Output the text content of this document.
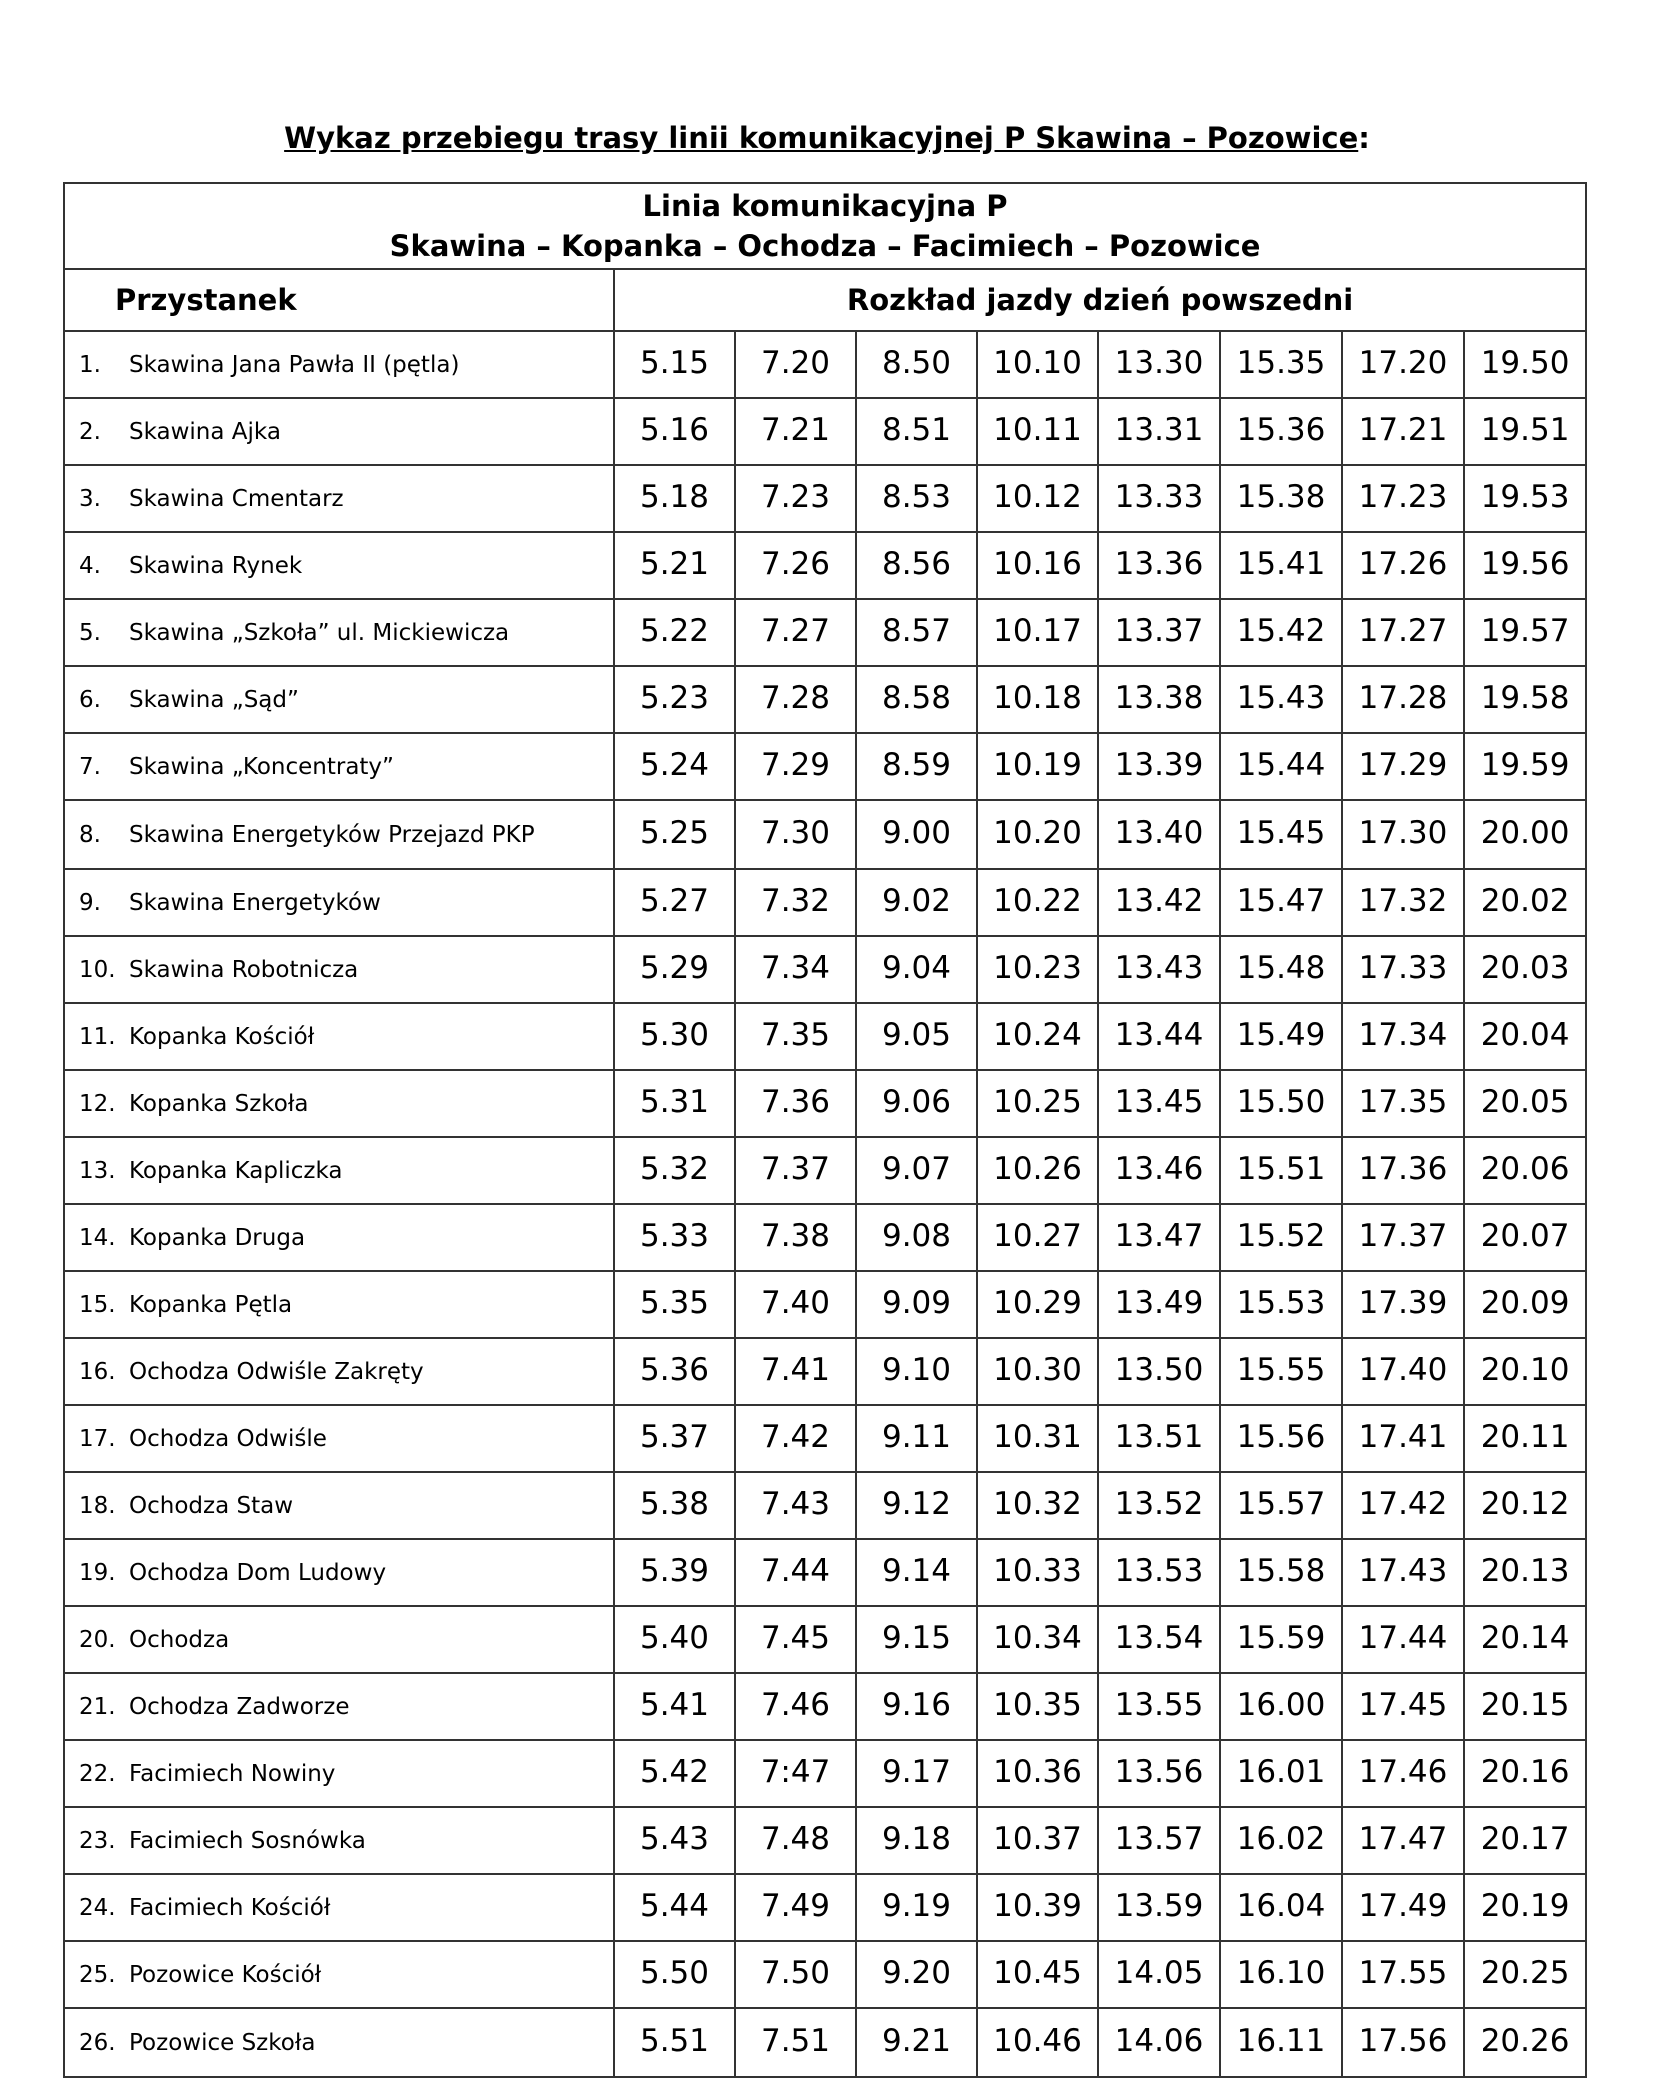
Wykaz przebiegu trasy linii komunikacyjnej P Skawina – Pozowice:
Linia komunikacyjna P
Skawina – Kopanka – Ochodza – Facimiech – Pozowice								

Przystanek	Rozkład jazdy dzień powszedni							
1. Skawina Jana Pawła II (pętla)	5.15	7.20	8.50	10.10	13.30	15.35	17.20	19.50
2. Skawina Ajka	5.16	7.21	8.51	10.11	13.31	15.36	17.21	19.51
3. Skawina Cmentarz	5.18	7.23	8.53	10.12	13.33	15.38	17.23	19.53
4. Skawina Rynek	5.21	7.26	8.56	10.16	13.36	15.41	17.26	19.56
5. Skawina „Szkoła” ul. Mickiewicza	5.22	7.27	8.57	10.17	13.37	15.42	17.27	19.57
6. Skawina „Sąd”	5.23	7.28	8.58	10.18	13.38	15.43	17.28	19.58
7. Skawina „Koncentraty”	5.24	7.29	8.59	10.19	13.39	15.44	17.29	19.59
8. Skawina Energetyków Przejazd PKP	5.25	7.30	9.00	10.20	13.40	15.45	17.30	20.00
9. Skawina Energetyków	5.27	7.32	9.02	10.22	13.42	15.47	17.32	20.02
10. Skawina Robotnicza	5.29	7.34	9.04	10.23	13.43	15.48	17.33	20.03
11. Kopanka Kościół	5.30	7.35	9.05	10.24	13.44	15.49	17.34	20.04
12. Kopanka Szkoła	5.31	7.36	9.06	10.25	13.45	15.50	17.35	20.05
13. Kopanka Kapliczka	5.32	7.37	9.07	10.26	13.46	15.51	17.36	20.06
14. Kopanka Druga	5.33	7.38	9.08	10.27	13.47	15.52	17.37	20.07
15. Kopanka Pętla	5.35	7.40	9.09	10.29	13.49	15.53	17.39	20.09
16. Ochodza Odwiśle Zakręty	5.36	7.41	9.10	10.30	13.50	15.55	17.40	20.10
17. Ochodza Odwiśle	5.37	7.42	9.11	10.31	13.51	15.56	17.41	20.11
18. Ochodza Staw	5.38	7.43	9.12	10.32	13.52	15.57	17.42	20.12
19. Ochodza Dom Ludowy	5.39	7.44	9.14	10.33	13.53	15.58	17.43	20.13
20. Ochodza	5.40	7.45	9.15	10.34	13.54	15.59	17.44	20.14
21. Ochodza Zadworze	5.41	7.46	9.16	10.35	13.55	16.00	17.45	20.15
22. Facimiech Nowiny	5.42	7:47	9.17	10.36	13.56	16.01	17.46	20.16
23. Facimiech Sosnówka	5.43	7.48	9.18	10.37	13.57	16.02	17.47	20.17
24. Facimiech Kościół	5.44	7.49	9.19	10.39	13.59	16.04	17.49	20.19
25. Pozowice Kościół	5.50	7.50	9.20	10.45	14.05	16.10	17.55	20.25
26. Pozowice Szkoła	5.51	7.51	9.21	10.46	14.06	16.11	17.56	20.26
